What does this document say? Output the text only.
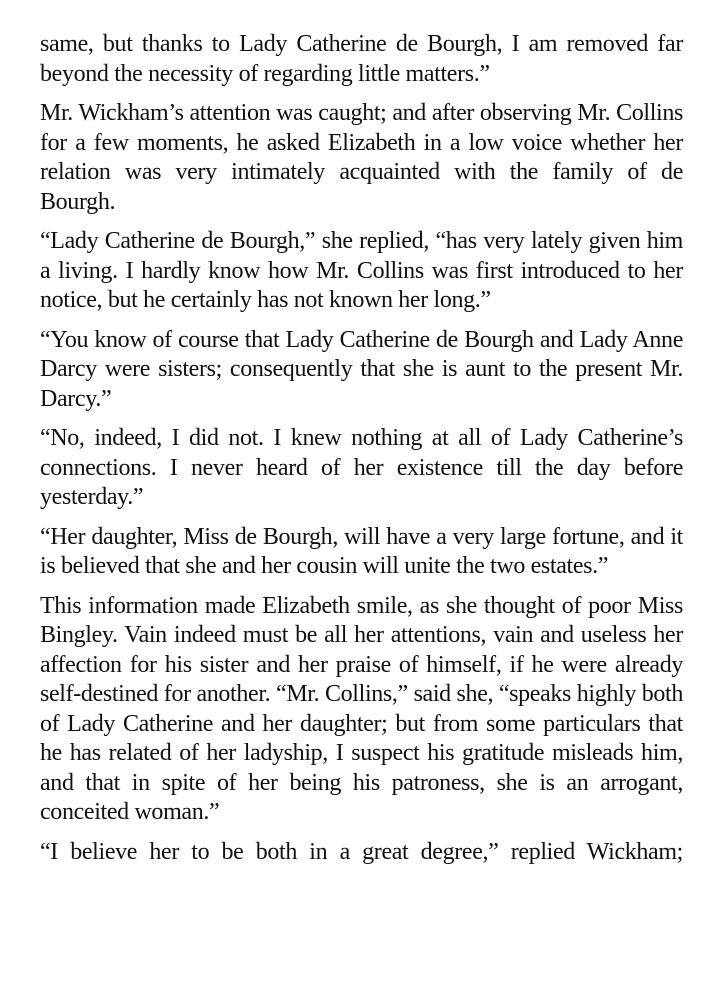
same, but thanks to Lady Catherine de Bourgh, I am removed far beyond the necessity of regarding little matters.”

Mr. Wickham’s attention was caught; and after observing Mr. Collins for a few moments, he asked Elizabeth in a low voice whether her relation was very intimately acquainted with the family of de Bourgh.

“Lady Catherine de Bourgh,” she replied, “has very lately given him a living. I hardly know how Mr. Collins was first introduced to her notice, but he certainly has not known her long.”

“You know of course that Lady Catherine de Bourgh and Lady Anne Darcy were sisters; consequently that she is aunt to the present Mr. Darcy.”

“No, indeed, I did not. I knew nothing at all of Lady Catherine’s connections. I never heard of her existence till the day before yesterday.”

“Her daughter, Miss de Bourgh, will have a very large fortune, and it is believed that she and her cousin will unite the two estates.”

This information made Elizabeth smile, as she thought of poor Miss Bingley. Vain indeed must be all her attentions, vain and useless her affection for his sister and her praise of himself, if he were already self-destined for another. “Mr. Collins,” said she, “speaks highly both of Lady Catherine and her daughter; but from some particulars that he has related of her ladyship, I suspect his gratitude misleads him, and that in spite of her being his patroness, she is an arrogant, conceited woman.”

“I believe her to be both in a great degree,” replied Wickham;
